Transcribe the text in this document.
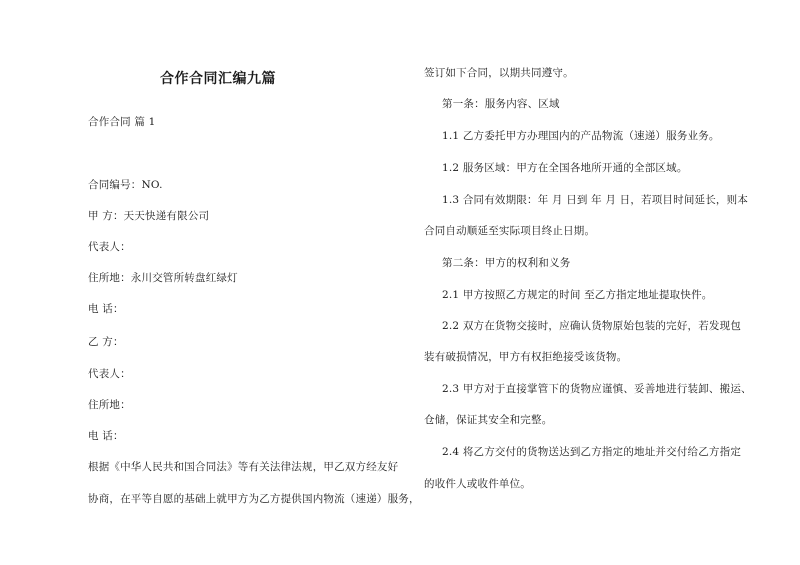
合作合同汇编九篇
合作合同 篇 1
合同编号：NO.
甲 方：天天快递有限公司
代表人：
住所地：永川交管所转盘红绿灯
电 话：
乙 方：
代表人：
住所地：
电 话：
根据《中华人民共和国合同法》等有关法律法规，甲乙双方经友好
协商，在平等自愿的基础上就甲方为乙方提供国内物流（速递）服务，
签订如下合同，以期共同遵守。
第一条：服务内容、区域
1.1 乙方委托甲方办理国内的产品物流（速递）服务业务。
1.2 服务区域：甲方在全国各地所开通的全部区域。
1.3 合同有效期限：年 月 日到 年 月 日，若项目时间延长，则本
合同自动顺延至实际项目终止日期。
第二条：甲方的权利和义务
2.1 甲方按照乙方规定的时间 至乙方指定地址提取快件。
2.2 双方在货物交接时，应确认货物原始包装的完好，若发现包
装有破损情况，甲方有权拒绝接受该货物。
2.3 甲方对于直接掌管下的货物应谨慎、妥善地进行装卸、搬运、
仓储，保证其安全和完整。
2.4 将乙方交付的货物送达到乙方指定的地址并交付给乙方指定
的收件人或收件单位。
